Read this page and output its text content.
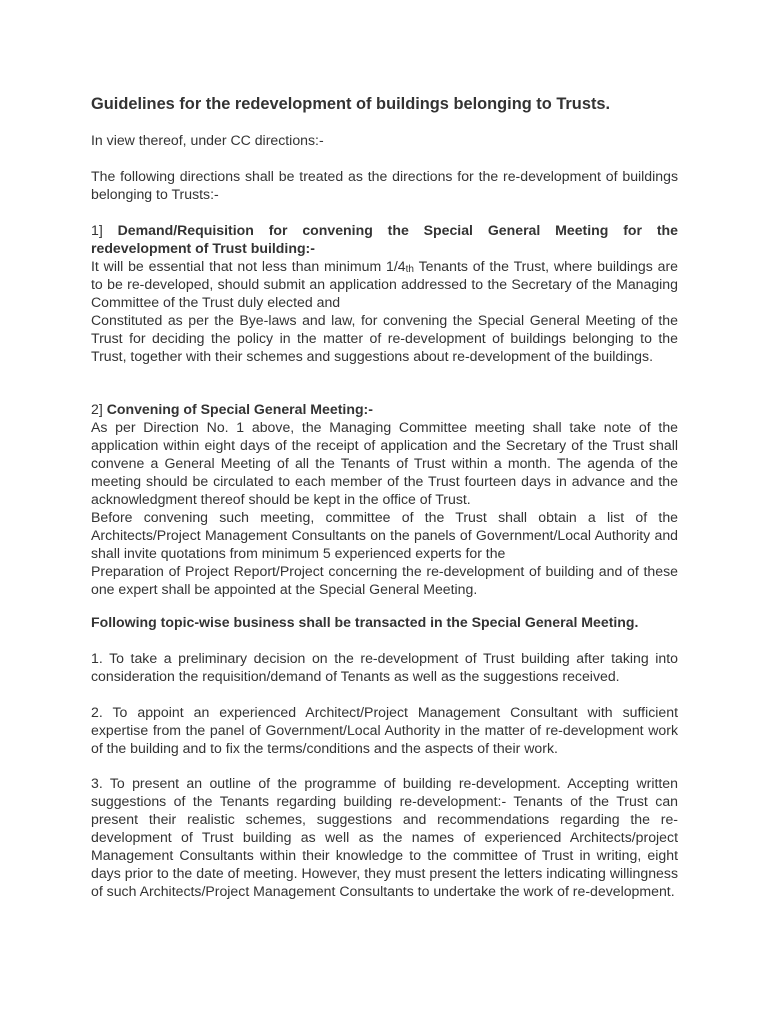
Guidelines for the redevelopment of buildings belonging to Trusts.

In view thereof, under CC directions:-

The following directions shall be treated as the directions for the re-development of buildings belonging to Trusts:-

1] Demand/Requisition for convening the Special General Meeting for the redevelopment of Trust building:-

It will be essential that not less than minimum $1/4_{th}$ Tenants of the Trust, where buildings are to be re-developed, should submit an application addressed to the Secretary of the Managing Committee of the Trust duly elected and

Constituted as per the Bye-laws and law, for convening the Special General Meeting of the Trust for deciding the policy in the matter of re-development of buildings belonging to the Trust, together with their schemes and suggestions about re-development of the buildings.

2] Convening of Special General Meeting:-

As per Direction No. 1 above, the Managing Committee meeting shall take note of the application within eight days of the receipt of application and the Secretary of the Trust shall convene a General Meeting of all the Tenants of Trust within a month. The agenda of the meeting should be circulated to each member of the Trust fourteen days in advance and the acknowledgment thereof should be kept in the office of Trust.

Before convening such meeting, committee of the Trust shall obtain a list of the Architects/Project Management Consultants on the panels of Government/Local Authority and shall invite quotations from minimum 5 experienced experts for the

Preparation of Project Report/Project concerning the re-development of building and of these one expert shall be appointed at the Special General Meeting.

Following topic-wise business shall be transacted in the Special General Meeting.

1. To take a preliminary decision on the re-development of Trust building after taking into consideration the requisition/demand of Tenants as well as the suggestions received.

2. To appoint an experienced Architect/Project Management Consultant with sufficient expertise from the panel of Government/Local Authority in the matter of re-development work of the building and to fix the terms/conditions and the aspects of their work.

3. To present an outline of the programme of building re-development. Accepting written suggestions of the Tenants regarding building re-development:- Tenants of the Trust can present their realistic schemes, suggestions and recommendations regarding the re-development of Trust building as well as the names of experienced Architects/project Management Consultants within their knowledge to the committee of Trust in writing, eight days prior to the date of meeting. However, they must present the letters indicating willingness of such Architects/Project Management Consultants to undertake the work of re-development.
